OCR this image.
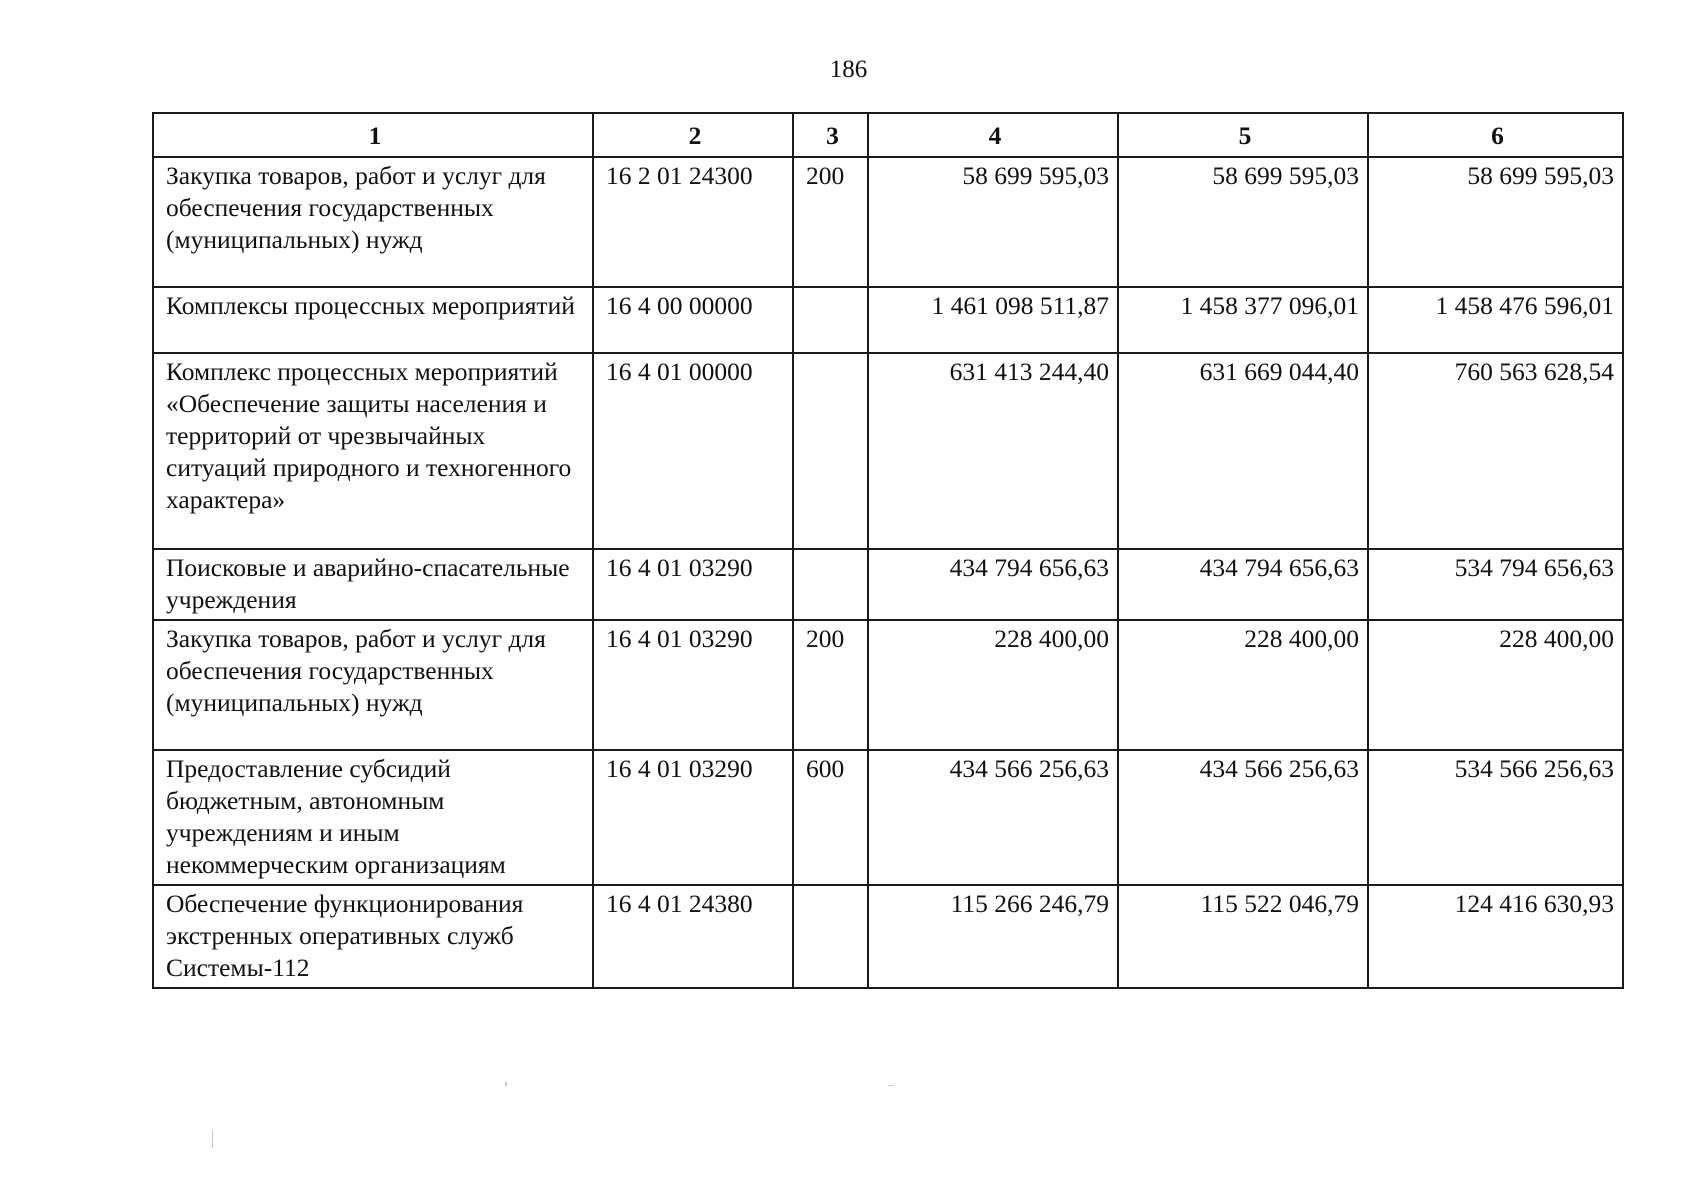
186
1	2	3	4	5	6
Закупка товаров, работ и услуг для обеспечения государственных (муниципальных) нужд	16 2 01 24300	200	58 699 595,03	58 699 595,03	58 699 595,03
Комплексы процессных мероприятий	16 4 00 00000		1 461 098 511,87	1 458 377 096,01	1 458 476 596,01
Комплекс процессных мероприятий «Обеспечение защиты населения и территорий от чрезвычайных ситуаций природного и техногенного характера»	16 4 01 00000		631 413 244,40	631 669 044,40	760 563 628,54
Поисковые и аварийно-спасательные учреждения	16 4 01 03290		434 794 656,63	434 794 656,63	534 794 656,63
Закупка товаров, работ и услуг для обеспечения государственных (муниципальных) нужд	16 4 01 03290	200	228 400,00	228 400,00	228 400,00
Предоставление субсидий бюджетным, автономным учреждениям и иным некоммерческим организациям	16 4 01 03290	600	434 566 256,63	434 566 256,63	534 566 256,63
Обеспечение функционирования экстренных оперативных служб Системы-112	16 4 01 24380		115 266 246,79	115 522 046,79	124 416 630,93
